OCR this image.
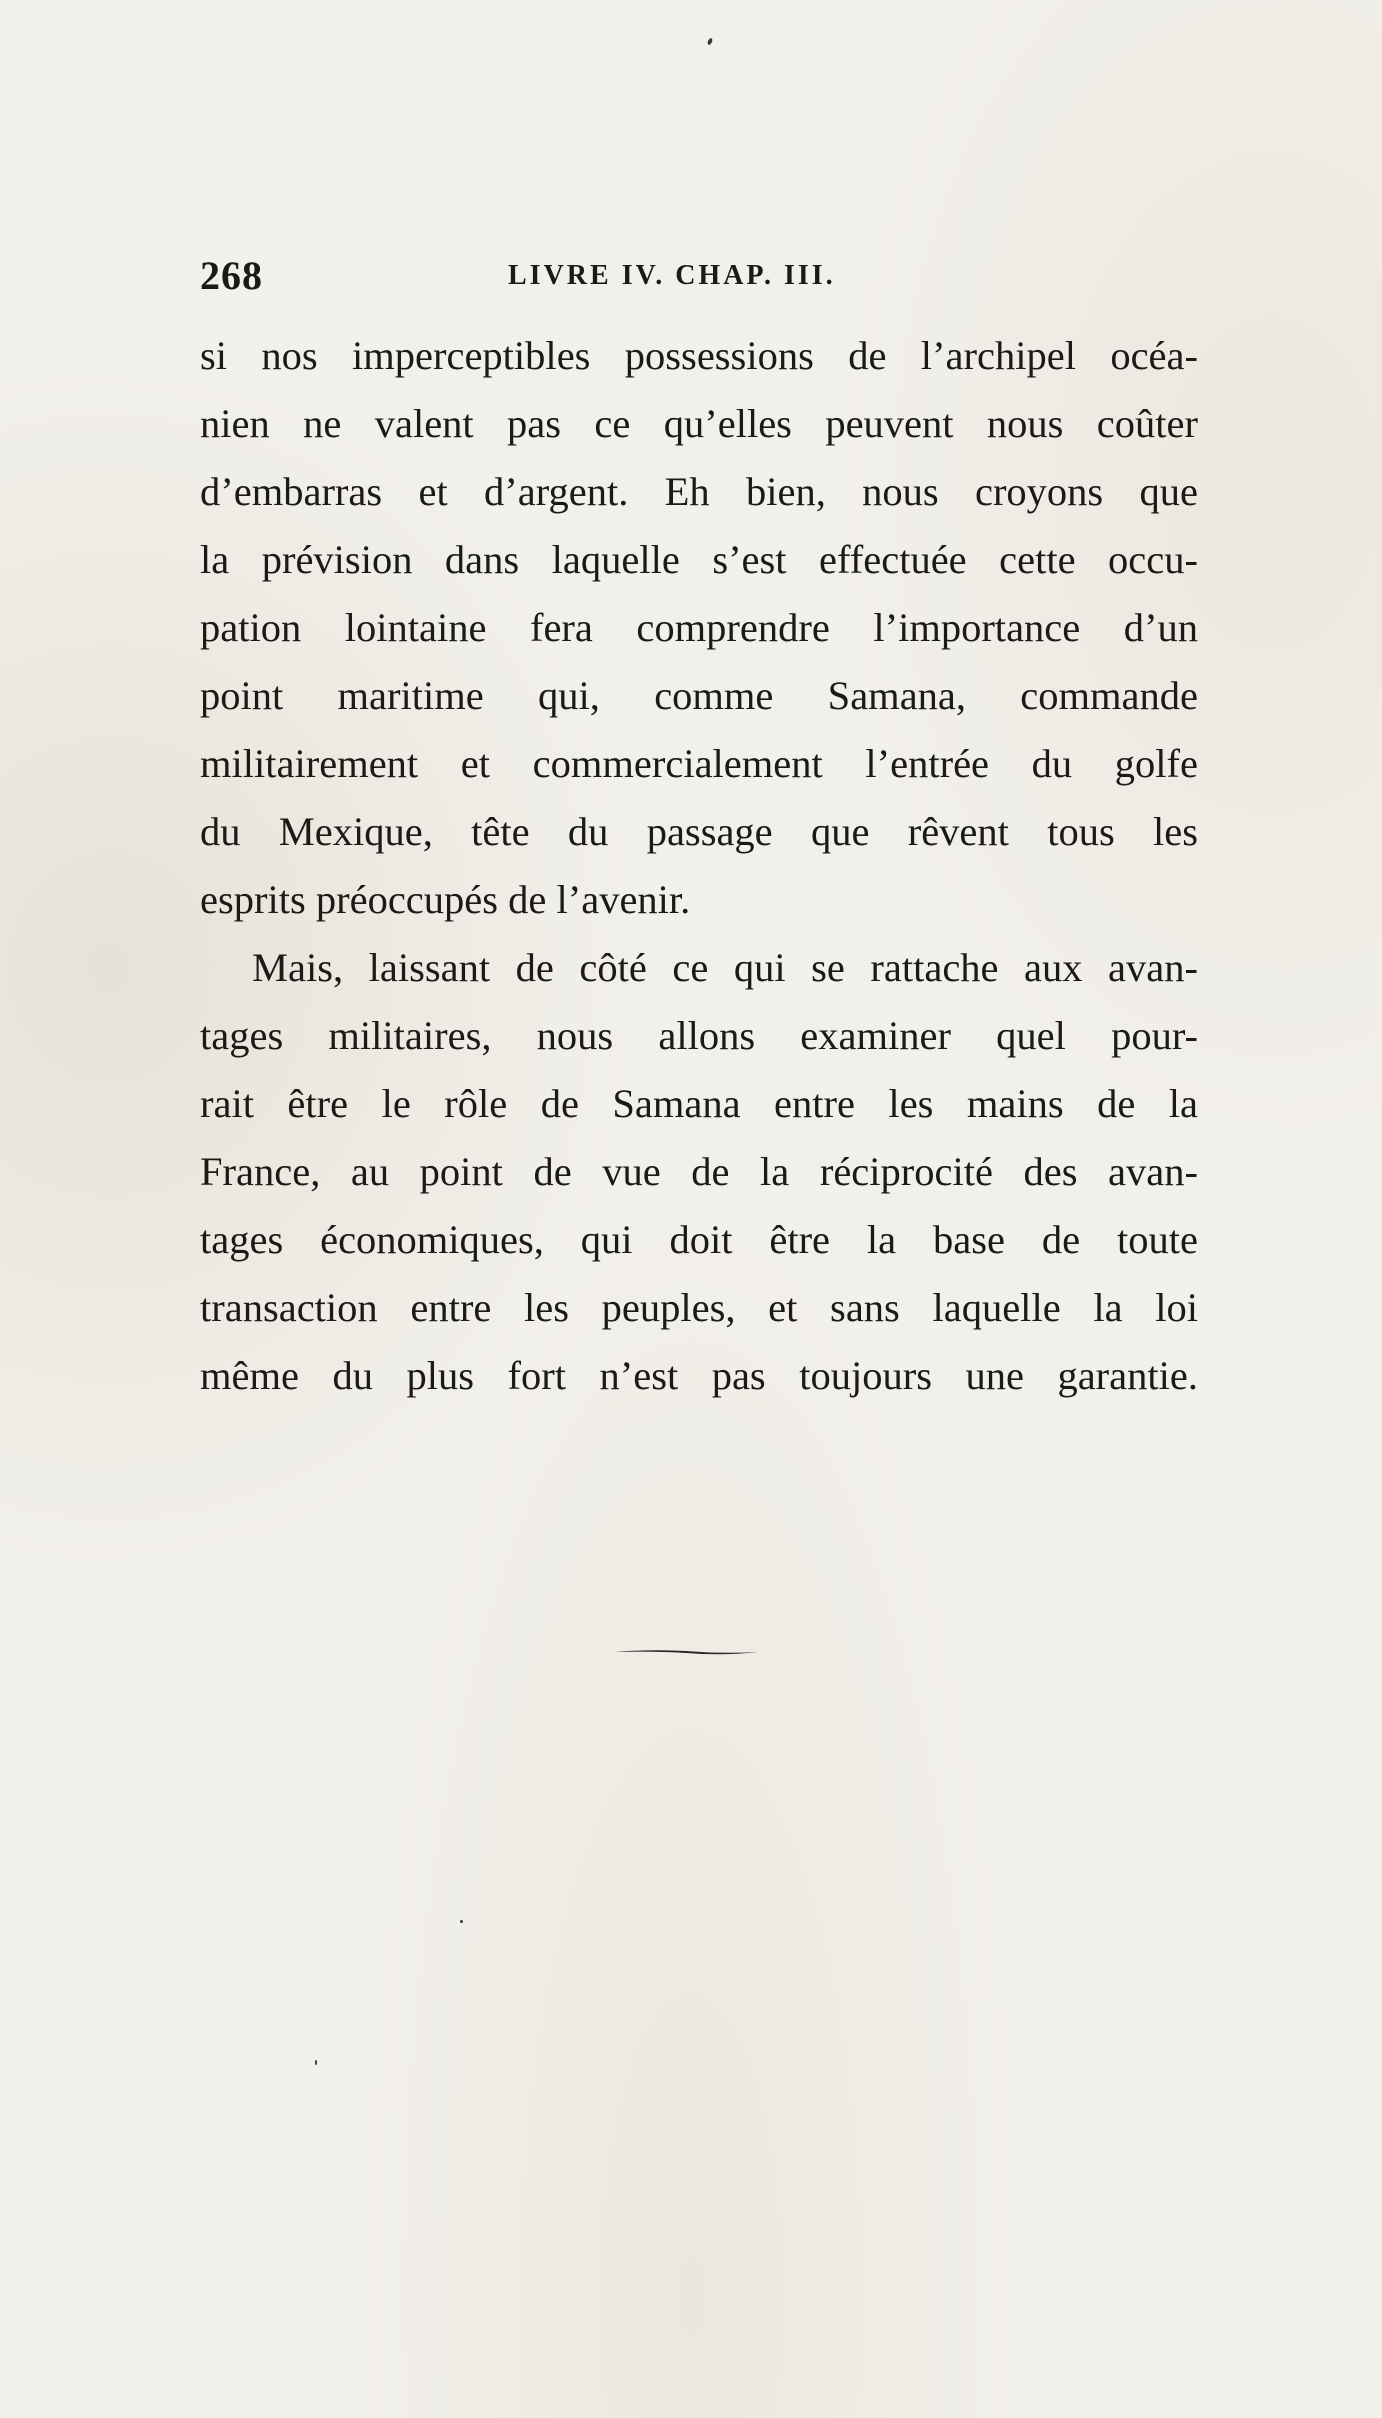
268	LIVRE IV. CHAP. III.
si nos imperceptibles possessions de l’archipel océa-
nien ne valent pas ce qu’elles peuvent nous coûter
d’embarras et d’argent. Eh bien, nous croyons que
la prévision dans laquelle s’est effectuée cette occu-
pation lointaine fera comprendre l’importance d’un
point maritime qui, comme Samana, commande
militairement et commercialement l’entrée du golfe
du Mexique, tête du passage que rêvent tous les
esprits préoccupés de l’avenir.
Mais, laissant de côté ce qui se rattache aux avan-
tages militaires, nous allons examiner quel pour-
rait être le rôle de Samana entre les mains de la
France, au point de vue de la réciprocité des avan-
tages économiques, qui doit être la base de toute
transaction entre les peuples, et sans laquelle la loi
même du plus fort n’est pas toujours une garantie.
